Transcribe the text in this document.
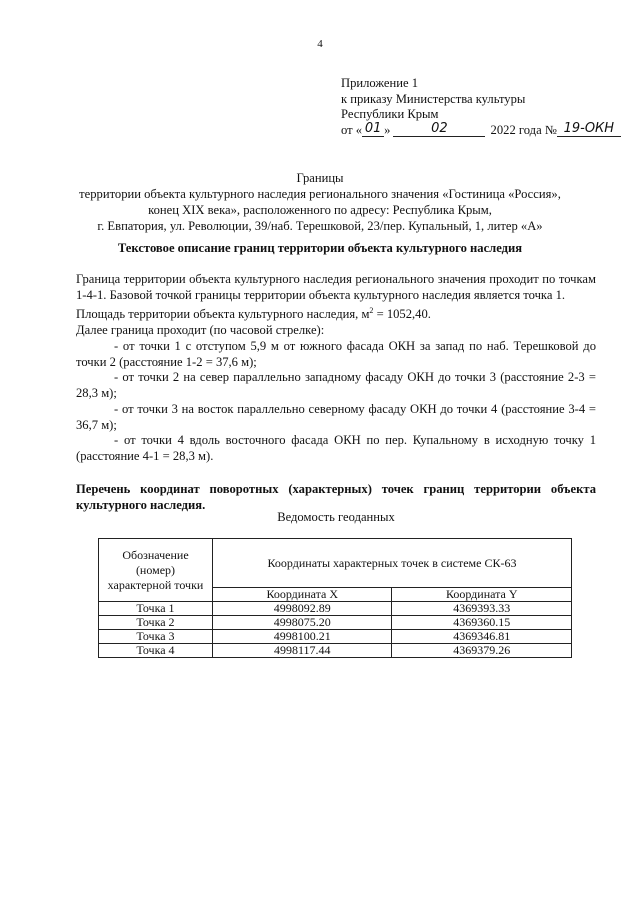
4
Приложение 1
к приказу Министерства культуры
Республики Крым
от « 01 »	02	2022 года № 19-ОКН
Границы
территории объекта культурного наследия регионального значения «Гостиница «Россия»,
конец XIX века», расположенного по адресу: Республика Крым,
г. Евпатория, ул. Революции, 39/наб. Терешковой, 23/пер. Купальный, 1, литер «А»
Текстовое описание границ территории объекта культурного наследия

Граница территории объекта культурного наследия регионального значения проходит по точкам 1-4-1. Базовой точкой границы территории объекта культурного наследия является точка 1.

Площадь территории объекта культурного наследия, $м^2 = 1052,40$.

Далее граница проходит (по часовой стрелке):

- от точки 1 с отступом 5,9 м от южного фасада ОКН за запад по наб. Терешковой до точки 2 (расстояние 1-2 = 37,6 м);

- от точки 2 на север параллельно западному фасаду ОКН до точки 3 (расстояние 2-3 = 28,3 м);

- от точки 3 на восток параллельно северному фасаду ОКН до точки 4 (расстояние 3-4 = 36,7 м);

- от точки 4 вдоль восточного фасада ОКН по пер. Купальному в исходную точку 1 (расстояние 4-1 = 28,3 м).

Перечень координат поворотных (характерных) точек границ территории объекта культурного наследия.
Ведомость геоданных
Обозначение (номер) характерной точки	Координаты характерных точек в системе СК-63	
	Координата X	Координата Y
Точка 1	4998092.89	4369393.33
Точка 2	4998075.20	4369360.15
Точка 3	4998100.21	4369346.81
Точка 4	4998117.44	4369379.26
